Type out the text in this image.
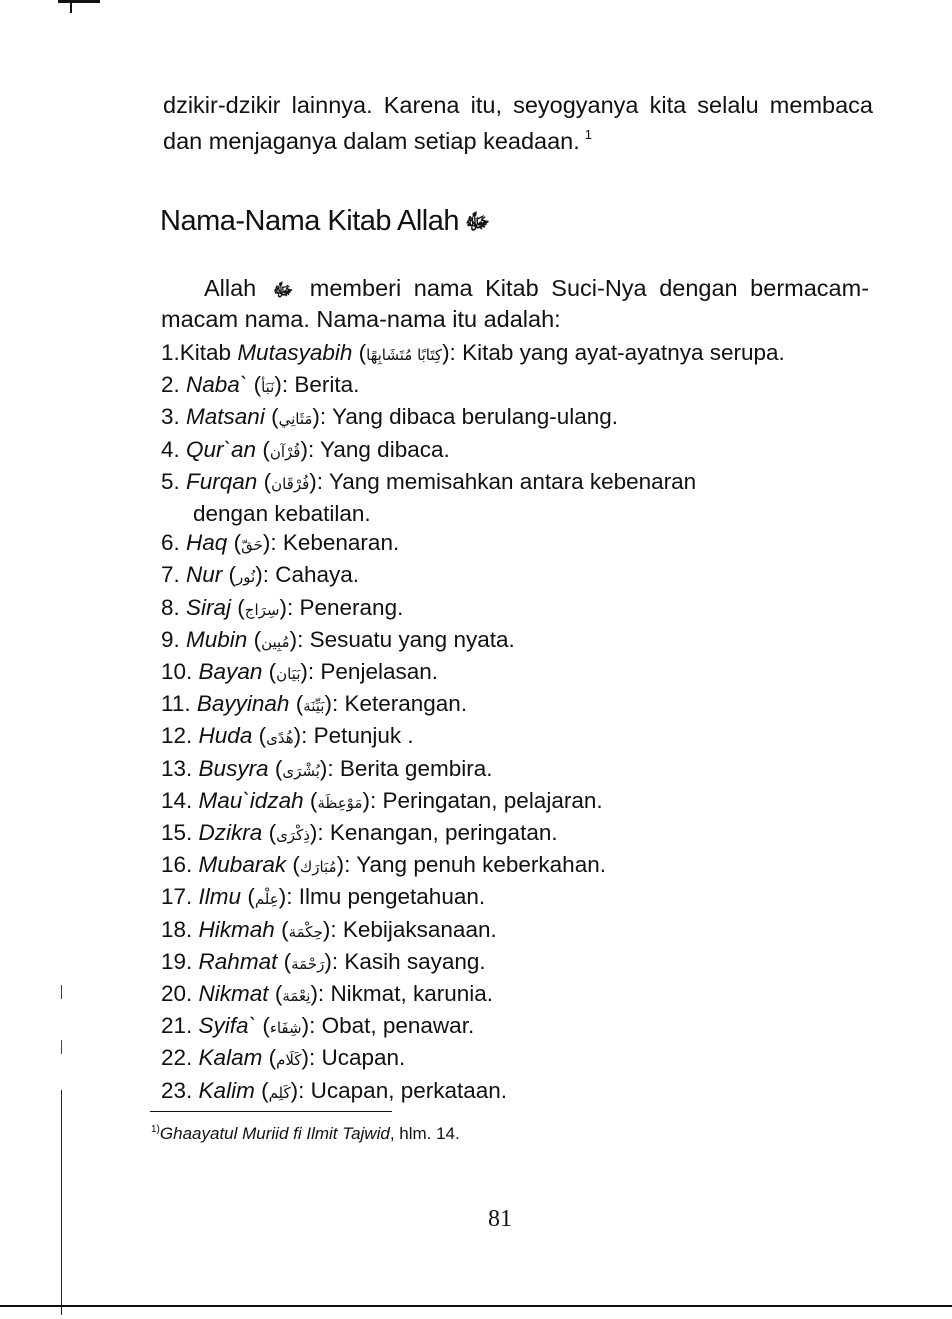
dzikir-dzikir lainnya. Karena itu, seyogyanya kita selalu membaca
dan menjaganya dalam setiap keadaan. $^1$
Nama-Nama Kitab Allah ﷻ
Allah ﷻ memberi nama Kitab Suci-Nya dengan bermacam-
macam nama. Nama-nama itu adalah:
1.Kitab Mutasyabih (كِتَابًا مُتَشَابِهًا): Kitab yang ayat-ayatnya serupa.
2. Naba` (نَبَأ): Berita.
3. Matsani (مَثَانِي): Yang dibaca berulang-ulang.
4. Qur`an (قُرْآن): Yang dibaca.
5. Furqan (فُرْقَان): Yang memisahkan antara kebenaran
dengan kebatilan.
6. Haq (حَقّ): Kebenaran.
7. Nur (نُور): Cahaya.
8. Siraj (سِرَاج): Penerang.
9. Mubin (مُبِين): Sesuatu yang nyata.
10. Bayan (بَيَان): Penjelasan.
11. Bayyinah (بَيِّنَة): Keterangan.
12. Huda (هُدًى): Petunjuk .
13. Busyra (بُشْرَى): Berita gembira.
14. Mau`idzah (مَوْعِظَة): Peringatan, pelajaran.
15. Dzikra (ذِكْرَى): Kenangan, peringatan.
16. Mubarak (مُبَارَك): Yang penuh keberkahan.
17. Ilmu (عِلْم): Ilmu pengetahuan.
18. Hikmah (حِكْمَة): Kebijaksanaan.
19. Rahmat (رَحْمَة): Kasih sayang.
20. Nikmat (نِعْمَة): Nikmat, karunia.
21. Syifa` (شِفَاء): Obat, penawar.
22. Kalam (كَلَام): Ucapan.
23. Kalim (كَلِم): Ucapan, perkataan.
$^{1)}$Ghaayatul Muriid fi Ilmit Tajwid, hlm. 14.
81
